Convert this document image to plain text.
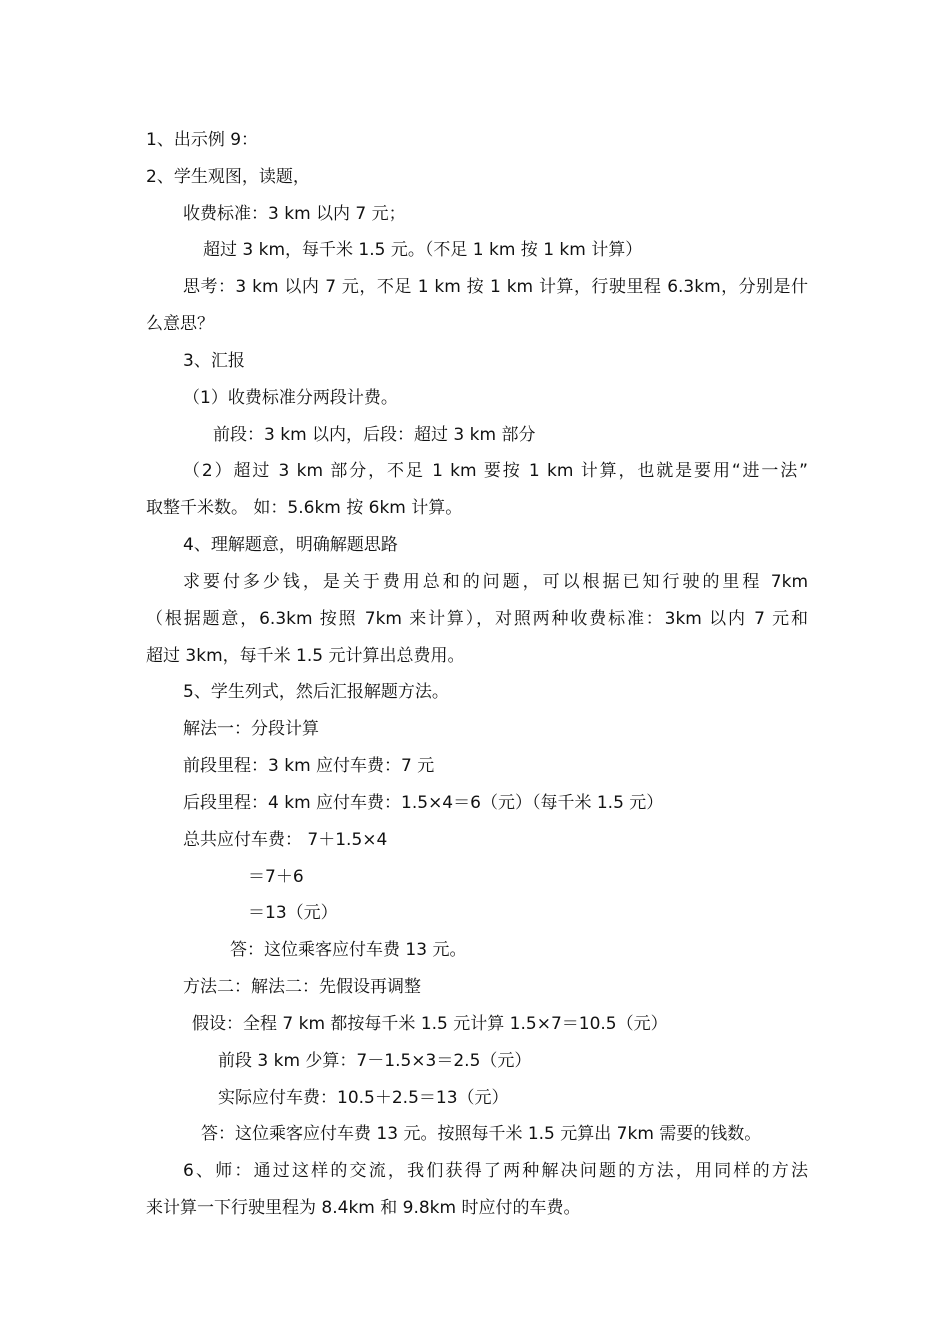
1、出示例 9：
2、学生观图，读题，
收费标准：3 km 以内 7 元；
超过 3 km，每千米 1.5 元。（不足 1 km 按 1 km 计算）
思考：3 km 以内 7 元，不足 1 km 按 1 km 计算，行驶里程 6.3km，分别是什
么意思？
3、汇报
（1）收费标准分两段计费。
前段：3 km 以内，后段：超过 3 km 部分
（2）超过 3 km 部分，不足 1 km 要按 1 km 计算，也就是要用“进一法”
取整千米数。 如：5.6km 按 6km 计算。
4、理解题意，明确解题思路
求要付多少钱，是关于费用总和的问题，可以根据已知行驶的里程 7km
（根据题意，6.3km 按照 7km 来计算），对照两种收费标准：3km 以内 7 元和
超过 3km，每千米 1.5 元计算出总费用。
5、学生列式，然后汇报解题方法。
解法一：分段计算
前段里程：3 km 应付车费：7 元
后段里程：4 km 应付车费：1.5×4＝6（元）（每千米 1.5 元）
总共应付车费： 7＋1.5×4
＝7＋6
＝13（元）
答：这位乘客应付车费 13 元。
方法二：解法二：先假设再调整
假设：全程 7 km 都按每千米 1.5 元计算 1.5×7＝10.5（元）
前段 3 km 少算：7－1.5×3＝2.5（元）
实际应付车费：10.5＋2.5＝13（元）
答：这位乘客应付车费 13 元。按照每千米 1.5 元算出 7km 需要的钱数。
6、师：通过这样的交流，我们获得了两种解决问题的方法，用同样的方法
来计算一下行驶里程为 8.4km 和 9.8km 时应付的车费。
